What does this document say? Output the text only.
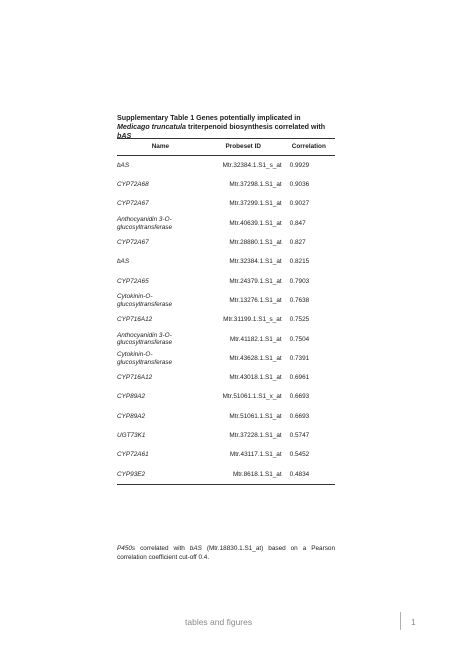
Supplementary Table 1 Genes potentially implicated in Medicago truncatula triterpenoid biosynthesis correlated with bAS
Name	Probeset ID	Correlation
bAS	Mtr.32384.1.S1_s_at	0.9929
CYP72A68	Mtr.37298.1.S1_at	0.9036
CYP72A67	Mtr.37299.1.S1_at	0.9027
Anthocyanidin 3-O-glucosyltransferase	Mtr.40639.1.S1_at	0.847
CYP72A67	Mtr.28880.1.S1_at	0.827
bAS	Mtr.32384.1.S1_at	0.8215
CYP72A65	Mtr.24379.1.S1_at	0.7903
Cytokinin-O-glucosyltransferase	Mtr.13276.1.S1_at	0.7638
CYP716A12	Mtr.31199.1.S1_s_at	0.7525
Anthocyanidin 3-O-glucosyltransferase	Mtr.41182.1.S1_at	0.7504
Cytokinin-O-glucosyltransferase	Mtr.43628.1.S1_at	0.7391
CYP716A12	Mtr.43018.1.S1_at	0.6961
CYP89A2	Mtr.51061.1.S1_x_at	0.6693
CYP89A2	Mtr.51061.1.S1_at	0.6693
UGT73K1	Mtr.37228.1.S1_at	0.5747
CYP72A61	Mtr.43117.1.S1_at	0.5452
CYP93E2	Mtr.8618.1.S1_at	0.4834
P450s correlated with bAS (Mtr.18830.1.S1_at) based on a Pearson correlation coefficient cut-off 0.4.
tables and figures	1
